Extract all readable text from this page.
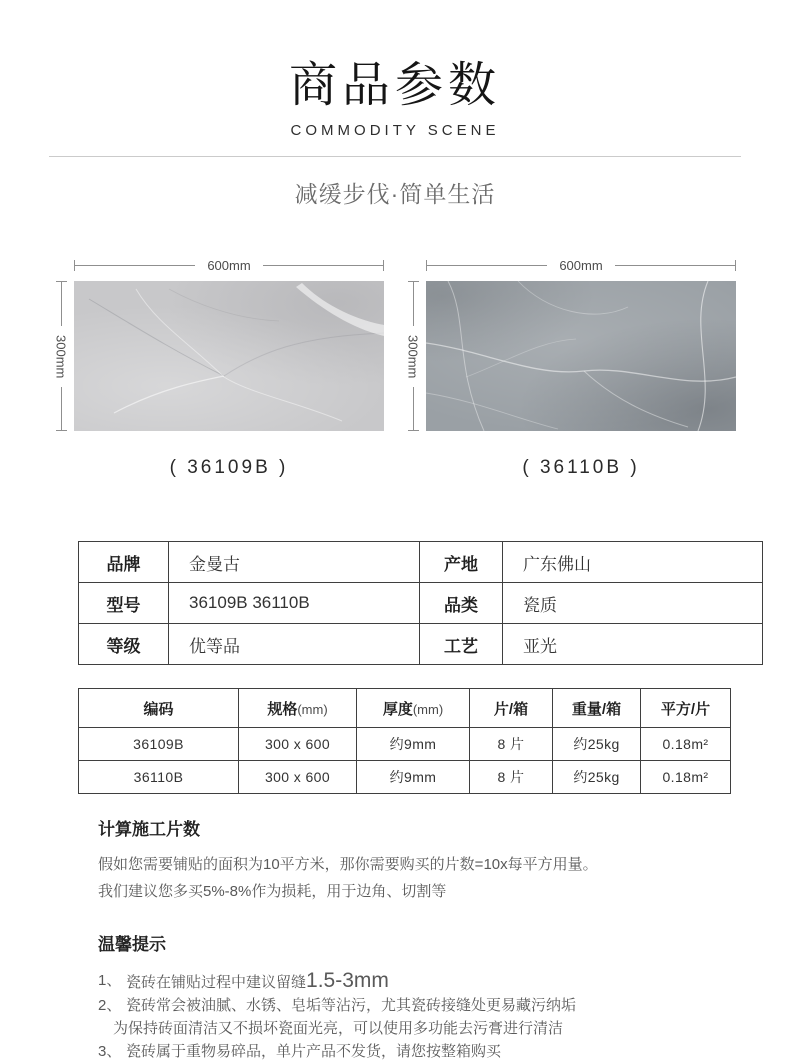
商品参数
COMMODITY SCENE
减缓步伐·简单生活
600mm
300mm
( 36109B )
600mm
300mm
( 36110B )
品牌	金曼古	产地	广东佛山
型号	36109B 36110B	品类	瓷质
等级	优等品	工艺	亚光
编码	规格(mm)	厚度(mm)	片/箱	重量/箱	平方/片
36109B	300 x 600	约9mm	8 片	约25kg	0.18m²
36110B	300 x 600	约9mm	8 片	约25kg	0.18m²
计算施工片数

假如您需要铺贴的面积为10平方米，那你需要购买的片数=10x每平方用量。

我们建议您多买5%-8%作为损耗，用于边角、切割等

温馨提示
1、 瓷砖在铺贴过程中建议留缝1.5-3mm
2、 瓷砖常会被油腻、水锈、皂垢等沾污，尤其瓷砖接缝处更易藏污纳垢
为保持砖面清洁又不损坏瓷面光亮，可以使用多功能去污膏进行清洁
3、 瓷砖属于重物易碎品，单片产品不发货，请您按整箱购买
